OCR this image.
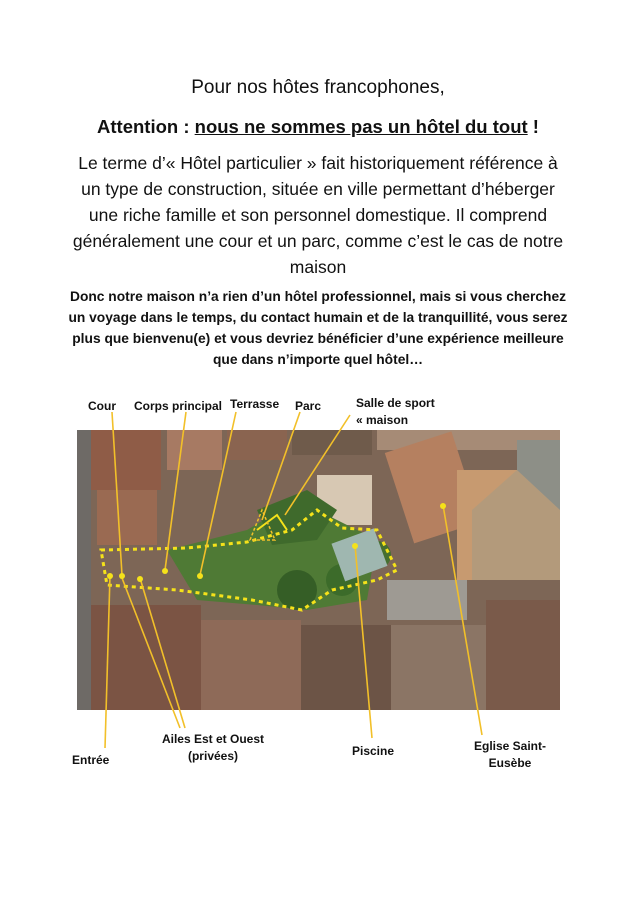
Pour nos hôtes francophones,
Attention : nous ne sommes pas un hôtel du tout !
Le terme d’« Hôtel particulier » fait historiquement référence à un type de construction, située en ville permettant d’héberger une riche famille et son personnel domestique. Il comprend généralement une cour et un parc, comme c’est le cas de notre maison
Donc notre maison n’a rien d’un hôtel professionnel, mais si vous cherchez un voyage dans le temps, du contact humain et de la tranquillité, vous serez plus que bienvenu(e) et vous devriez bénéficier d’une expérience meilleure que dans n’importe quel hôtel…
Cour Corps principal Terrasse Parc	Salle de sport
« maison
Entrée
Ailes Est et Ouest
(privées)	Piscine	Eglise Saint-
Eusèbe
